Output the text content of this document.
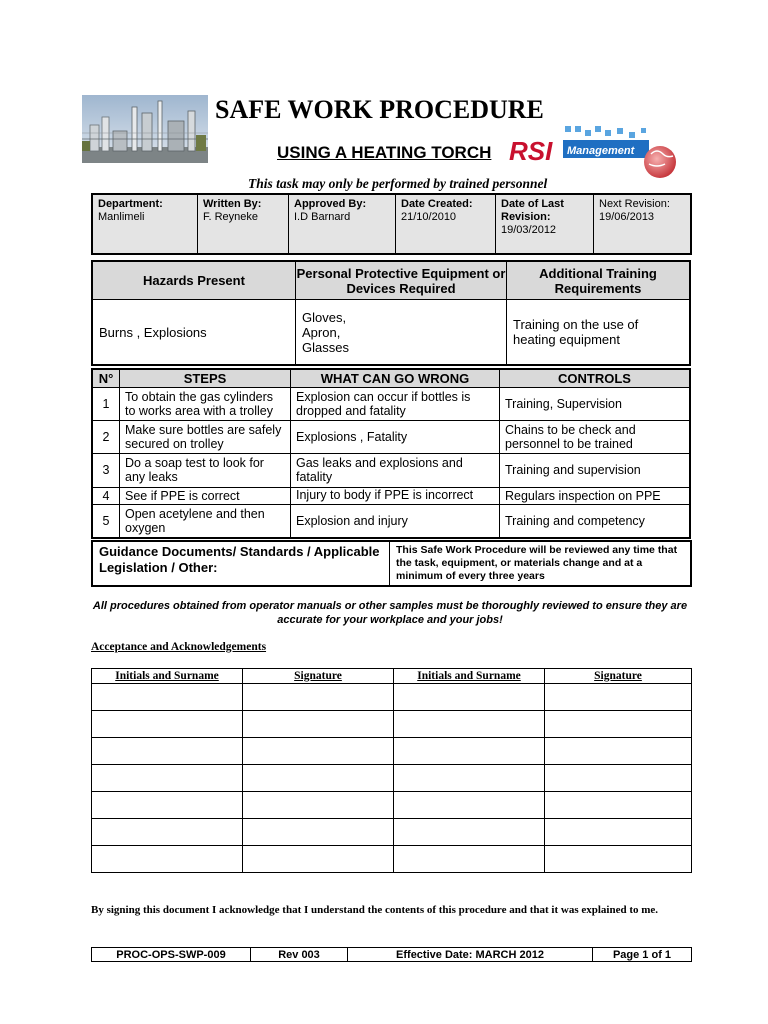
SAFE WORK PROCEDURE
USING A HEATING TORCH RSI Management
This task may only be performed by trained personnel
Department:
Manlimeli

Written By:
F. Reyneke

Approved By:
I.D Barnard

Date Created:
21/10/2010

Date of Last Revision:
19/03/2012

Next Revision:
19/06/2013
Hazards Present	Personal Protective Equipment or Devices Required	Additional Training Requirements
Burns , Explosions	Gloves,
Apron,
Glasses	Training on the use of heating equipment
N°	STEPS	WHAT CAN GO WRONG	CONTROLS
1	To obtain the gas cylinders to works area with a trolley	Explosion can occur if bottles is dropped and fatality	Training, Supervision
2	Make sure bottles are safely secured on trolley	Explosions , Fatality	Chains to be check and personnel to be trained
3	Do a soap test to look for any leaks	Gas leaks and explosions and fatality	Training and supervision
4	See if PPE is correct	Injury to body if PPE is incorrect	Regulars inspection on PPE
5	Open acetylene and then oxygen	Explosion and injury	Training and competency
Guidance Documents/ Standards / Applicable Legislation / Other:	This Safe Work Procedure will be reviewed any time that the task, equipment, or materials change and at a minimum of every three years
All procedures obtained from operator manuals or other samples must be thoroughly reviewed to ensure they are accurate for your workplace and your jobs!
Acceptance and Acknowledgements
Initials and Surname	Signature	Initials and Surname	Signature

By signing this document I acknowledge that I understand the contents of this procedure and that it was explained to me.
PROC-OPS-SWP-009	Rev 003	Effective Date: MARCH 2012	Page 1 of 1
